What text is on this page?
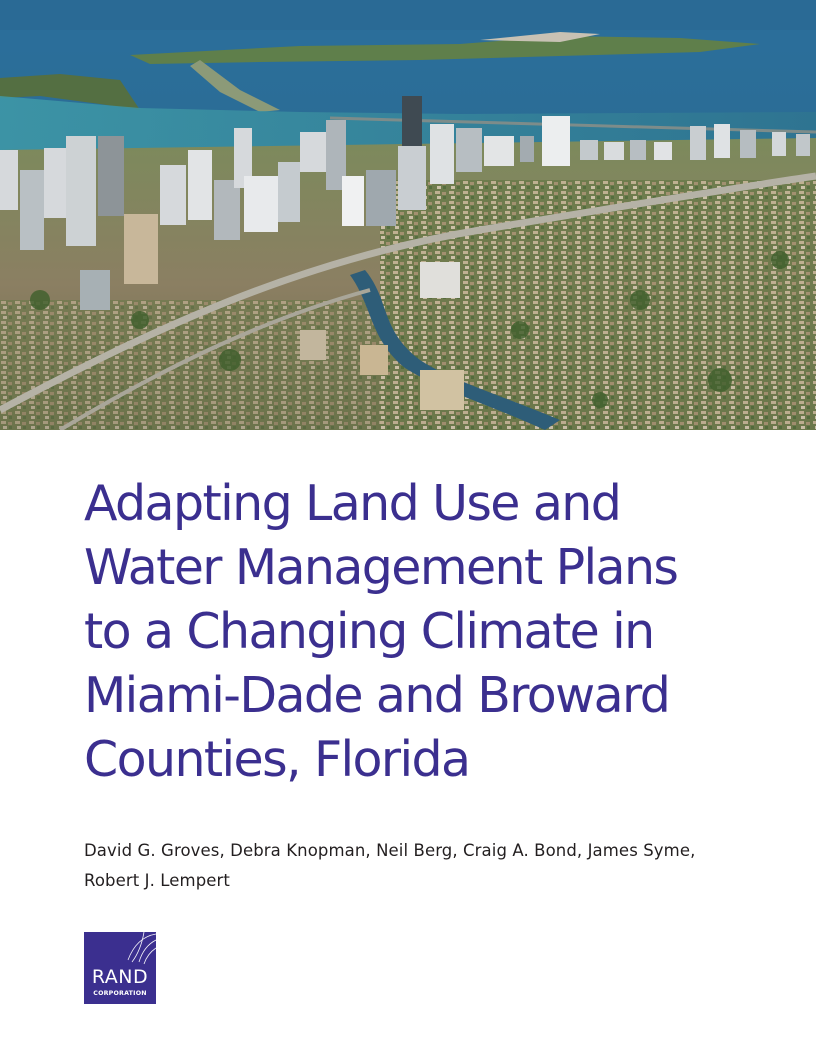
Adapting Land Use and
Water Management Plans
to a Changing Climate in
Miami-Dade and Broward
Counties, Florida
David G. Groves, Debra Knopman, Neil Berg, Craig A. Bond, James Syme,
Robert J. Lempert
RAND
CORPORATION
